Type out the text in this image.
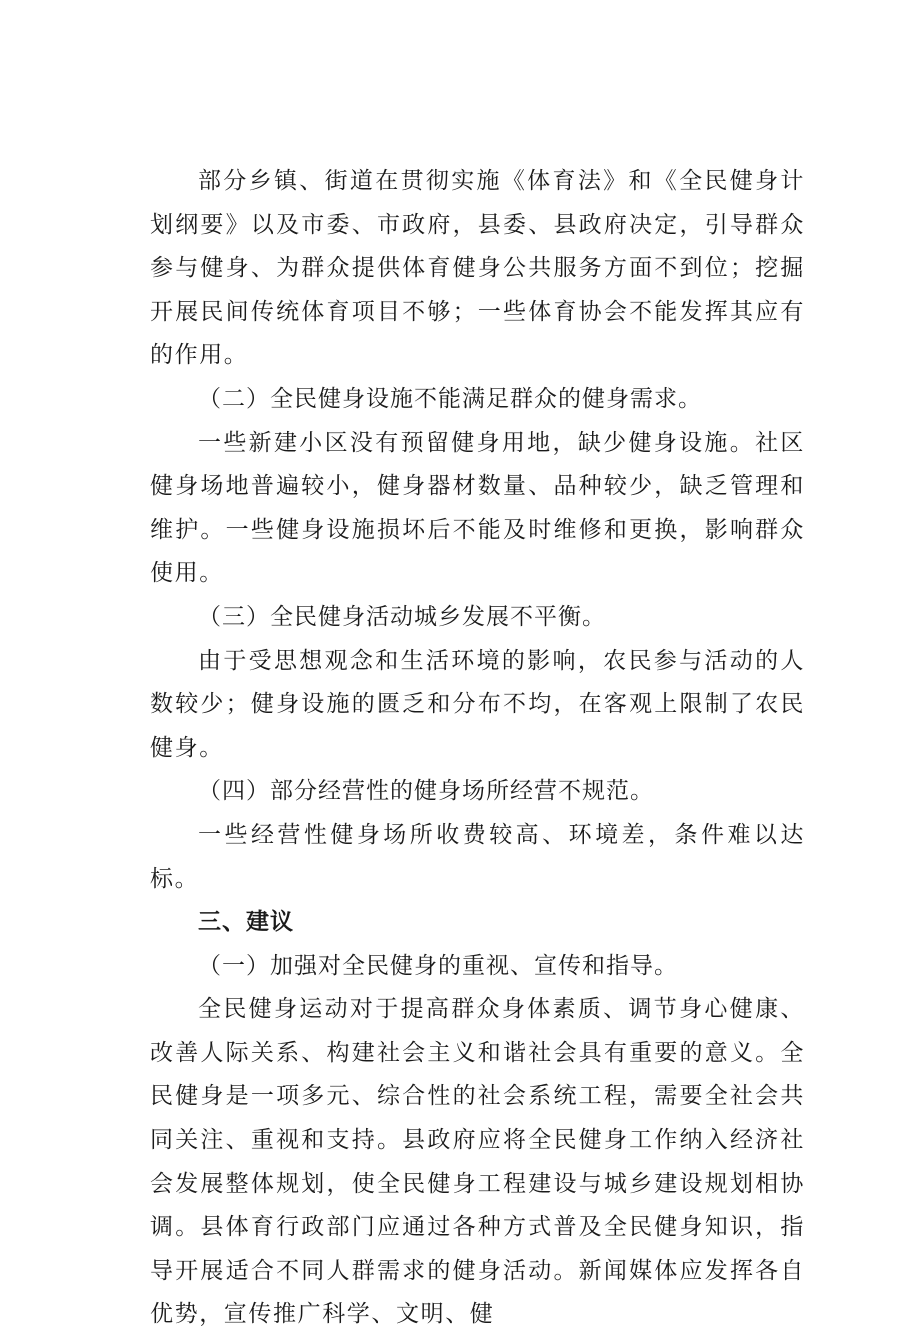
部分乡镇、街道在贯彻实施《体育法》和《全民健身计划纲要》以及市委、市政府，县委、县政府决定，引导群众参与健身、为群众提供体育健身公共服务方面不到位；挖掘开展民间传统体育项目不够；一些体育协会不能发挥其应有的作用。

（二）全民健身设施不能满足群众的健身需求。

一些新建小区没有预留健身用地，缺少健身设施。社区健身场地普遍较小，健身器材数量、品种较少，缺乏管理和维护。一些健身设施损坏后不能及时维修和更换，影响群众使用。

（三）全民健身活动城乡发展不平衡。

由于受思想观念和生活环境的影响，农民参与活动的人数较少；健身设施的匮乏和分布不均，在客观上限制了农民健身。

（四）部分经营性的健身场所经营不规范。

一些经营性健身场所收费较高、环境差，条件难以达标。

三、建议

（一）加强对全民健身的重视、宣传和指导。

全民健身运动对于提高群众身体素质、调节身心健康、改善人际关系、构建社会主义和谐社会具有重要的意义。全民健身是一项多元、综合性的社会系统工程，需要全社会共同关注、重视和支持。县政府应将全民健身工作纳入经济社会发展整体规划，使全民健身工程建设与城乡建设规划相协调。县体育行政部门应通过各种方式普及全民健身知识，指导开展适合不同人群需求的健身活动。新闻媒体应发挥各自优势，宣传推广科学、文明、健
